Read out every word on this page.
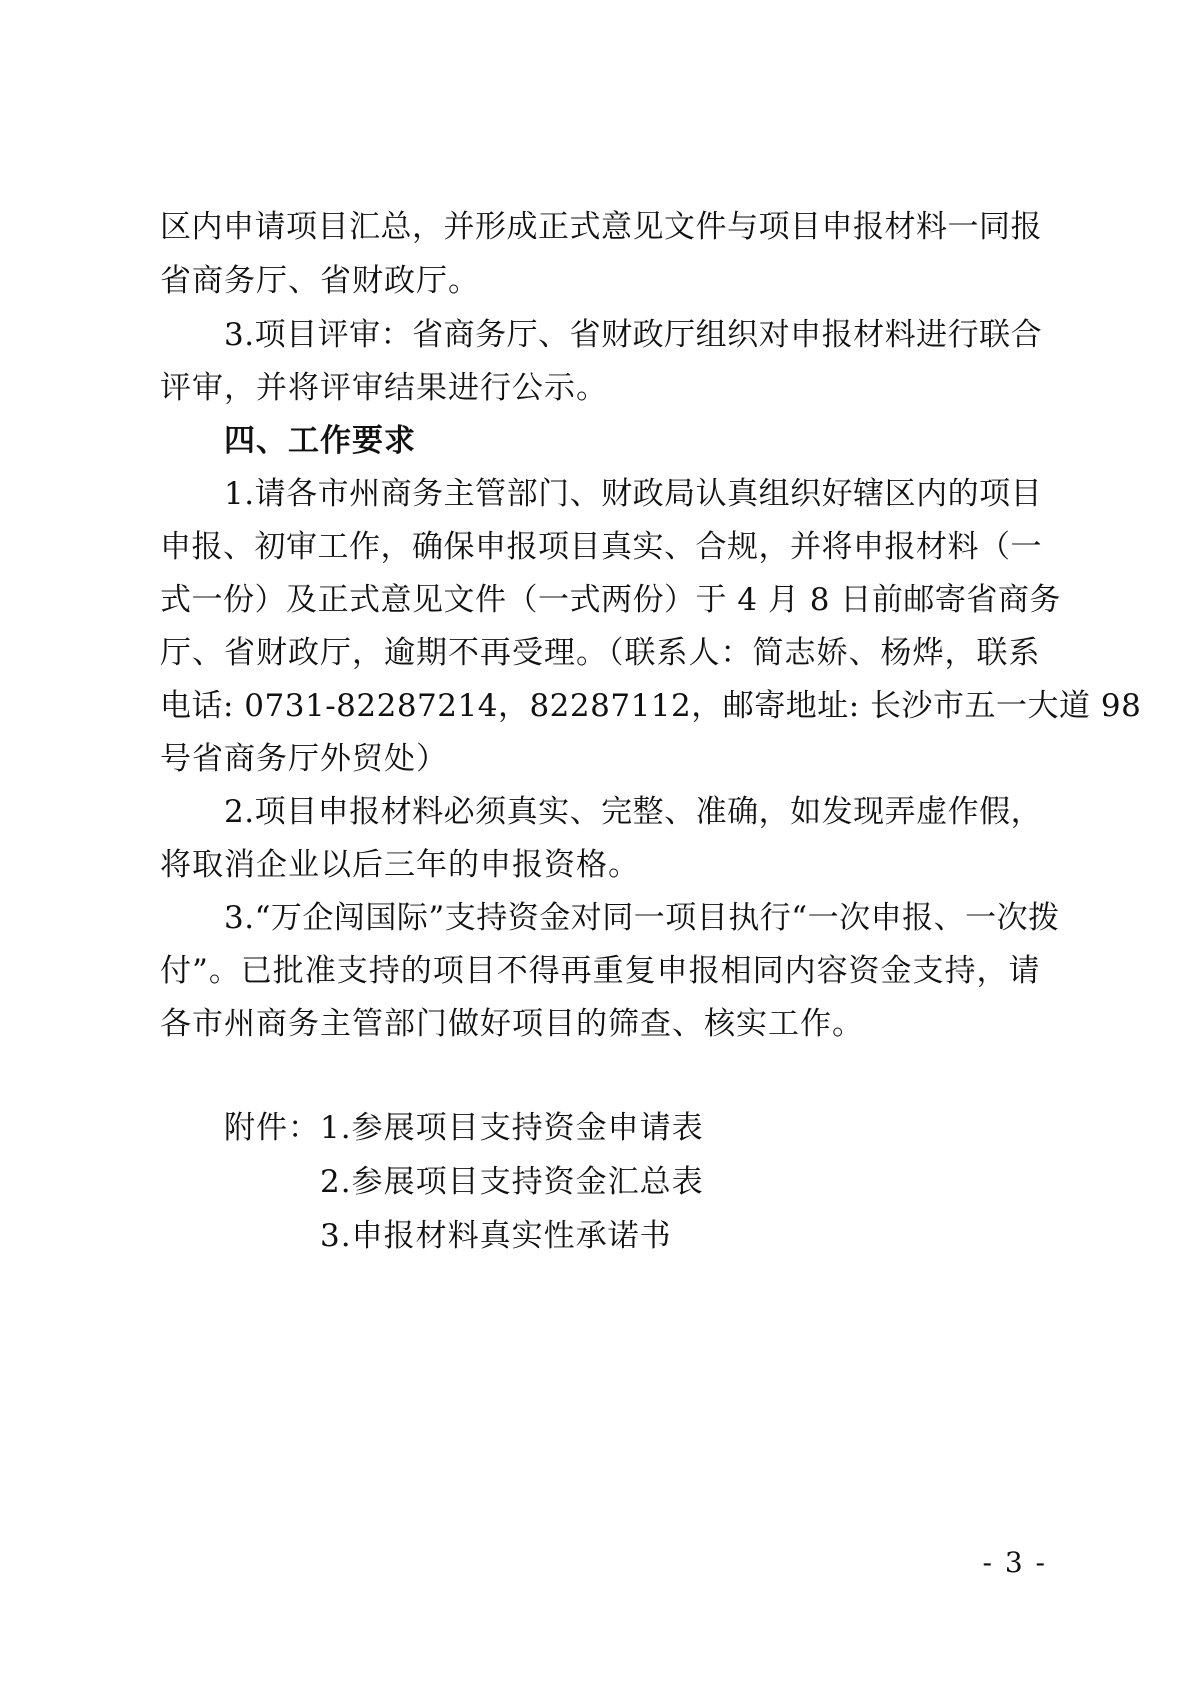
区内申请项目汇总，并形成正式意见文件与项目申报材料一同报
省商务厅、省财政厅。
3.项目评审：省商务厅、省财政厅组织对申报材料进行联合
评审，并将评审结果进行公示。
四、工作要求
1.请各市州商务主管部门、财政局认真组织好辖区内的项目
申报、初审工作，确保申报项目真实、合规，并将申报材料（一
式一份）及正式意见文件（一式两份）于 4 月 8 日前邮寄省商务
厅、省财政厅，逾期不再受理。（联系人：简志娇、杨烨，联系
电话: 0731-82287214，82287112，邮寄地址: 长沙市五一大道 98
号省商务厅外贸处）
2.项目申报材料必须真实、完整、准确，如发现弄虚作假，
将取消企业以后三年的申报资格。
3.“万企闯国际”支持资金对同一项目执行“一次申报、一次拨
付”。已批准支持的项目不得再重复申报相同内容资金支持，请
各市州商务主管部门做好项目的筛查、核实工作。
附件： 1.参展项目支持资金申请表
2.参展项目支持资金汇总表
3.申报材料真实性承诺书
- 3 -
